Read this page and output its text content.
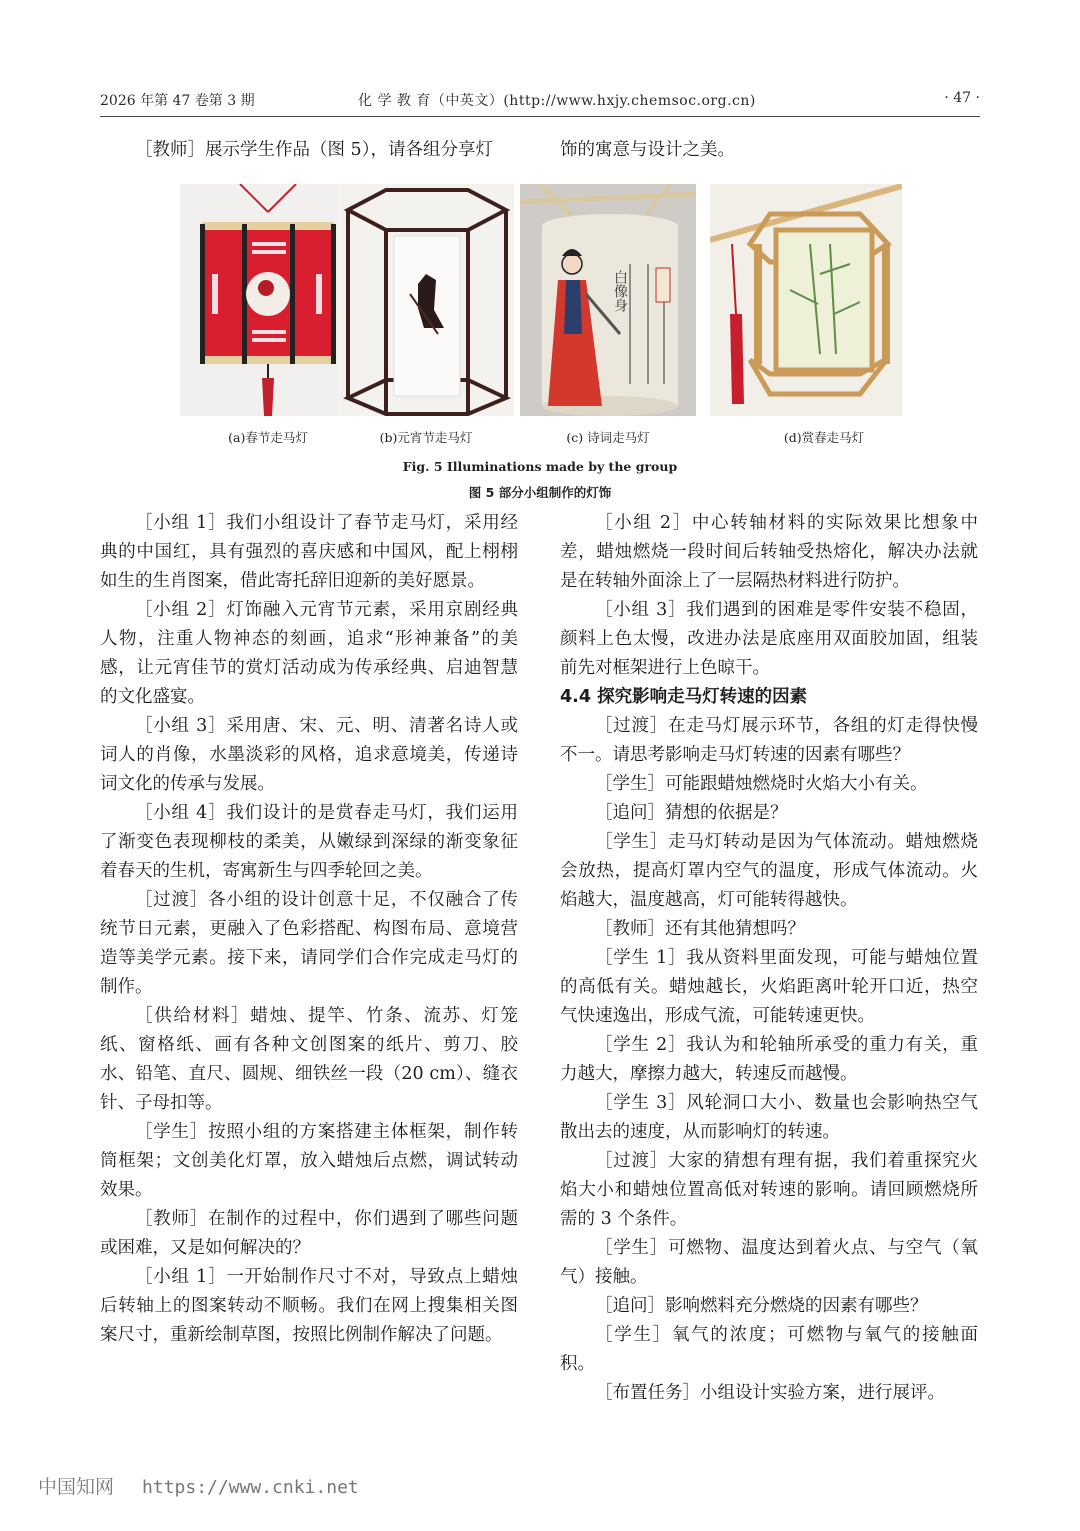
2026 年第 47 卷第 3 期	化 学 教 育（中英文）(http://www.hxjy.chemsoc.org.cn)	· 47 ·

［教师］展示学生作品（图 5），请各组分享灯	饰的寓意与设计之美。

(a)春节走马灯	(b)元宵节走马灯
白像身
(c) 诗词走马灯	(d)赏春走马灯
Fig. 5 Illuminations made by the group
图 5 部分小组制作的灯饰

［小组 1］我们小组设计了春节走马灯，采用经典的中国红，具有强烈的喜庆感和中国风，配上栩栩如生的生肖图案，借此寄托辞旧迎新的美好愿景。

［小组 2］灯饰融入元宵节元素，采用京剧经典人物，注重人物神态的刻画，追求“形神兼备”的美感，让元宵佳节的赏灯活动成为传承经典、启迪智慧的文化盛宴。

［小组 3］采用唐、宋、元、明、清著名诗人或词人的肖像，水墨淡彩的风格，追求意境美，传递诗词文化的传承与发展。

［小组 4］我们设计的是赏春走马灯，我们运用了渐变色表现柳枝的柔美，从嫩绿到深绿的渐变象征着春天的生机，寄寓新生与四季轮回之美。

［过渡］各小组的设计创意十足，不仅融合了传统节日元素，更融入了色彩搭配、构图布局、意境营造等美学元素。接下来，请同学们合作完成走马灯的制作。

［供给材料］蜡烛、提竿、竹条、流苏、灯笼纸、窗格纸、画有各种文创图案的纸片、剪刀、胶水、铅笔、直尺、圆规、细铁丝一段（20 cm）、缝衣针、子母扣等。

［学生］按照小组的方案搭建主体框架，制作转筒框架；文创美化灯罩，放入蜡烛后点燃，调试转动效果。

［教师］在制作的过程中，你们遇到了哪些问题或困难，又是如何解决的？

［小组 1］一开始制作尺寸不对，导致点上蜡烛后转轴上的图案转动不顺畅。我们在网上搜集相关图案尺寸，重新绘制草图，按照比例制作解决了问题。

［小组 2］中心转轴材料的实际效果比想象中差，蜡烛燃烧一段时间后转轴受热熔化，解决办法就是在转轴外面涂上了一层隔热材料进行防护。

［小组 3］我们遇到的困难是零件安装不稳固，颜料上色太慢，改进办法是底座用双面胶加固，组装前先对框架进行上色晾干。

4.4 探究影响走马灯转速的因素

［过渡］在走马灯展示环节，各组的灯走得快慢不一。请思考影响走马灯转速的因素有哪些？

［学生］可能跟蜡烛燃烧时火焰大小有关。

［追问］猜想的依据是？

［学生］走马灯转动是因为气体流动。蜡烛燃烧会放热，提高灯罩内空气的温度，形成气体流动。火焰越大，温度越高，灯可能转得越快。

［教师］还有其他猜想吗？

［学生 1］我从资料里面发现，可能与蜡烛位置的高低有关。蜡烛越长，火焰距离叶轮开口近，热空气快速逸出，形成气流，可能转速更快。

［学生 2］我认为和轮轴所承受的重力有关，重力越大，摩擦力越大，转速反而越慢。

［学生 3］风轮洞口大小、数量也会影响热空气散出去的速度，从而影响灯的转速。

［过渡］大家的猜想有理有据，我们着重探究火焰大小和蜡烛位置高低对转速的影响。请回顾燃烧所需的 3 个条件。

［学生］可燃物、温度达到着火点、与空气（氧气）接触。

［追问］影响燃料充分燃烧的因素有哪些？

［学生］氧气的浓度；可燃物与氧气的接触面积。

［布置任务］小组设计实验方案，进行展评。

中国知网 https://www.cnki.net
